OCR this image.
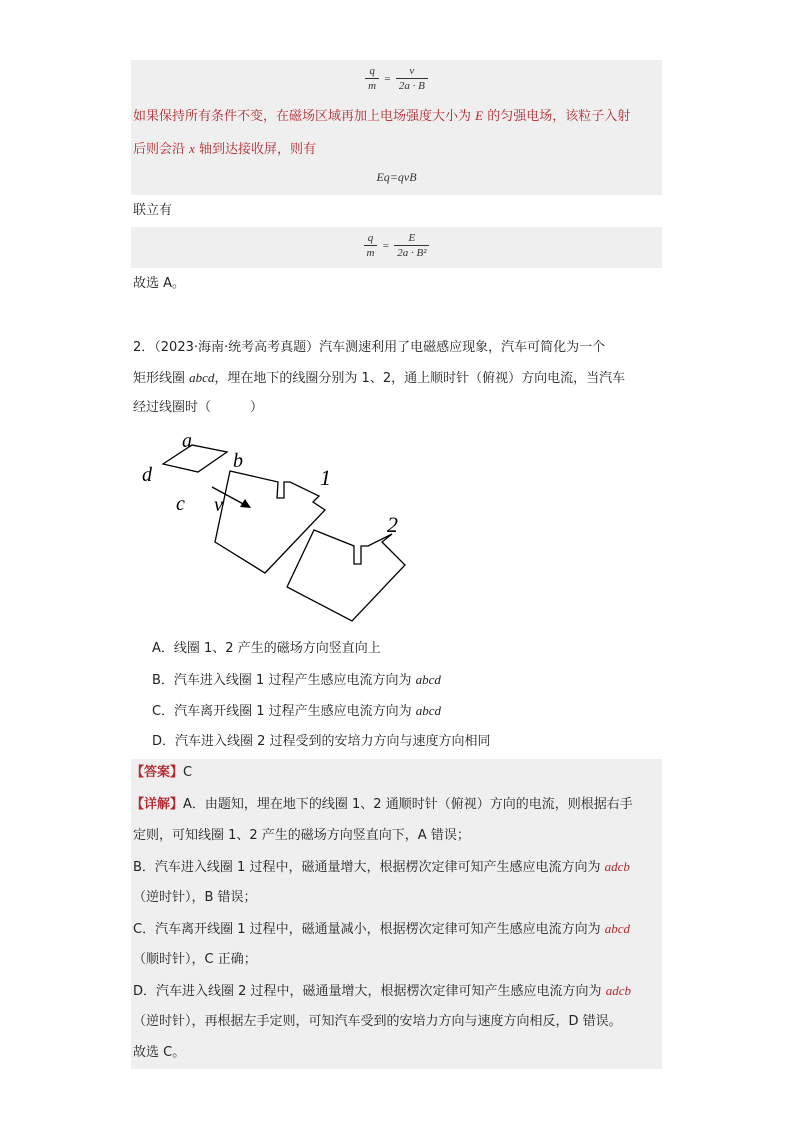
$\frac{q}{m} = \frac{v}{2a \cdot B}$
如果保持所有条件不变，在磁场区域再加上电场强度大小为 E 的匀强电场，该粒子入射
后则会沿 x 轴到达接收屏，则有
Eq=qvB
联立有
$\frac{q}{m} = \frac{E}{\text{2a · B²}}$
故选 A。
2．（2023·海南·统考高考真题）汽车测速利用了电磁感应现象，汽车可简化为一个
矩形线圈 abcd，埋在地下的线圈分别为 1、2，通上顺时针（俯视）方向电流，当汽车
经过线圈时（　　　）
a
b
c
d
v
1
2
A．线圈 1、2 产生的磁场方向竖直向上
B．汽车进入线圈 1 过程产生感应电流方向为 abcd
C．汽车离开线圈 1 过程产生感应电流方向为 abcd
D．汽车进入线圈 2 过程受到的安培力方向与速度方向相同
【答案】C
【详解】A．由题知，埋在地下的线圈 1、2 通顺时针（俯视）方向的电流，则根据右手
定则，可知线圈 1、2 产生的磁场方向竖直向下，A 错误；
B．汽车进入线圈 1 过程中，磁通量增大，根据楞次定律可知产生感应电流方向为 adcb
（逆时针），B 错误；
C．汽车离开线圈 1 过程中，磁通量减小，根据楞次定律可知产生感应电流方向为 abcd
（顺时针），C 正确；
D．汽车进入线圈 2 过程中，磁通量增大，根据楞次定律可知产生感应电流方向为 adcb
（逆时针），再根据左手定则，可知汽车受到的安培力方向与速度方向相反，D 错误。
故选 C。
